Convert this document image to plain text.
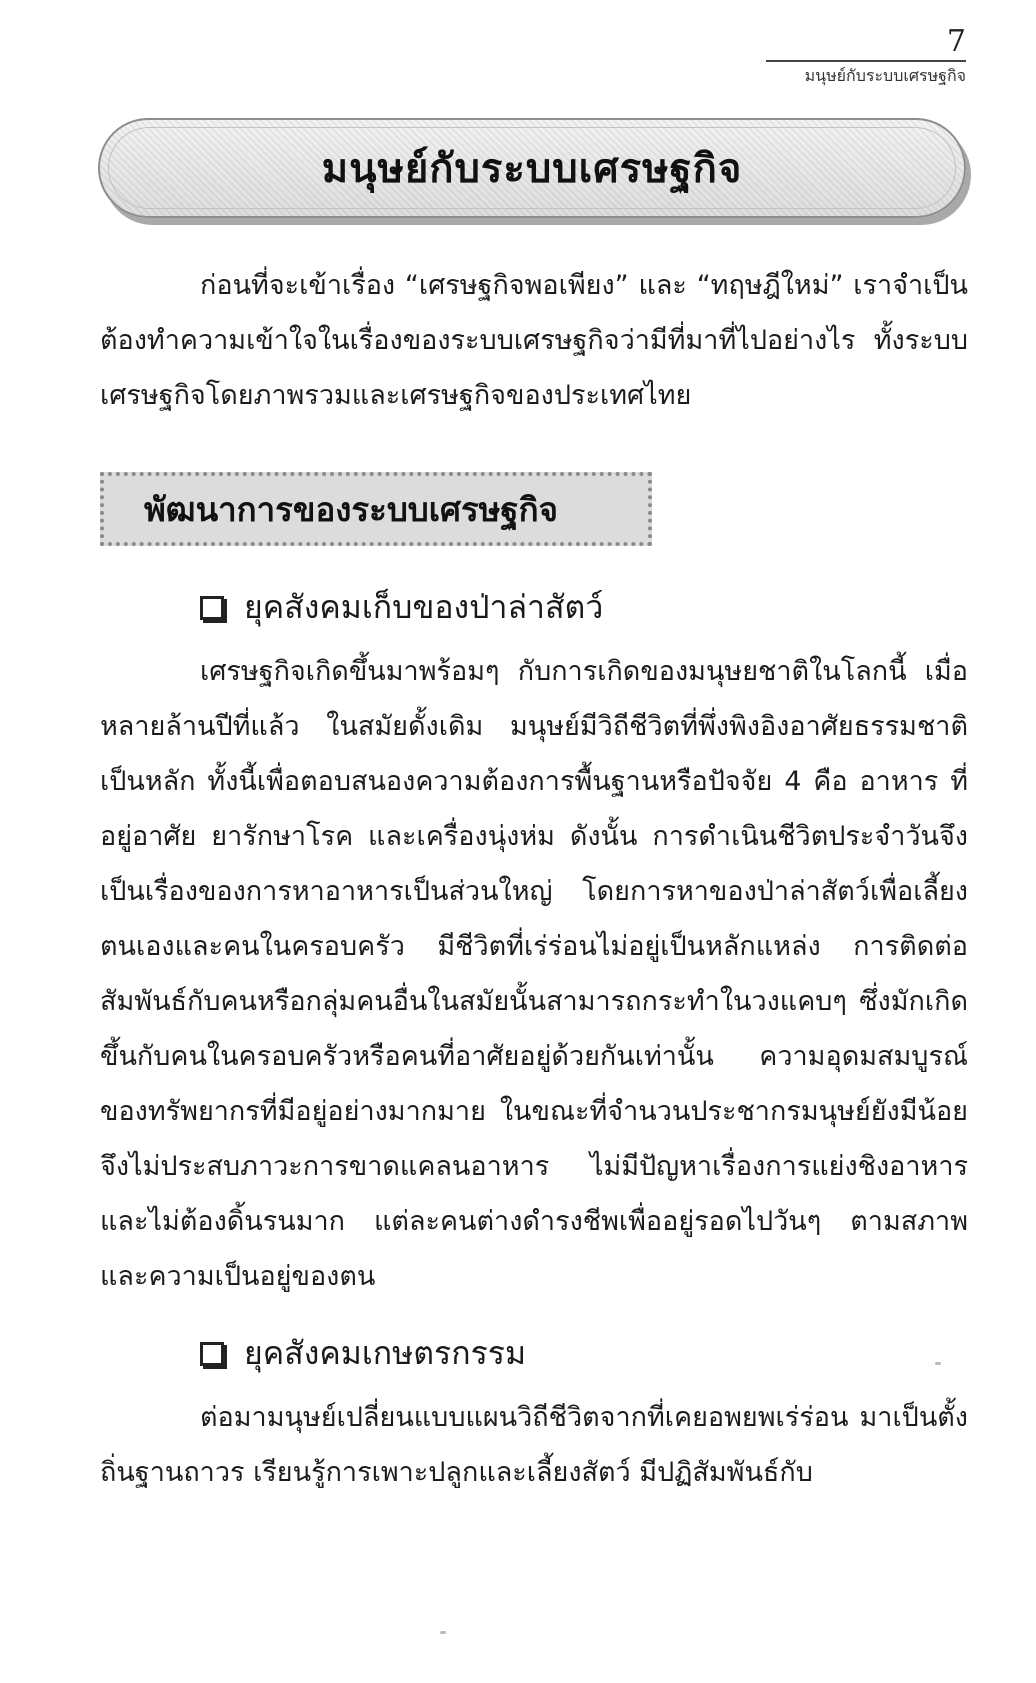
7
มนุษย์กับระบบเศรษฐกิจ
มนุษย์กับระบบเศรษฐกิจ

ก่อนที่จะเข้าเรื่อง “เศรษฐกิจพอเพียง” และ “ทฤษฎีใหม่” เราจำเป็นต้องทำความเข้าใจในเรื่องของระบบเศรษฐกิจว่ามีที่มาที่ไปอย่างไร ทั้งระบบเศรษฐกิจโดยภาพรวมและเศรษฐกิจของประเทศไทย

พัฒนาการของระบบเศรษฐกิจ
ยุคสังคมเก็บของป่าล่าสัตว์

เศรษฐกิจเกิดขึ้นมาพร้อมๆ กับการเกิดของมนุษยชาติในโลกนี้ เมื่อหลายล้านปีที่แล้ว ในสมัยดั้งเดิม มนุษย์มีวิถีชีวิตที่พึ่งพิงอิงอาศัยธรรมชาติเป็นหลัก ทั้งนี้เพื่อตอบสนองความต้องการพื้นฐานหรือปัจจัย 4 คือ อาหาร ที่อยู่อาศัย ยารักษาโรค และเครื่องนุ่งห่ม ดังนั้น การดำเนินชีวิตประจำวันจึงเป็นเรื่องของการหาอาหารเป็นส่วนใหญ่ โดยการหาของป่าล่าสัตว์เพื่อเลี้ยงตนเองและคนในครอบครัว มีชีวิตที่เร่ร่อนไม่อยู่เป็นหลักแหล่ง การติดต่อสัมพันธ์กับคนหรือกลุ่มคนอื่นในสมัยนั้นสามารถกระทำในวงแคบๆ ซึ่งมักเกิดขึ้นกับคนในครอบครัวหรือคนที่อาศัยอยู่ด้วยกันเท่านั้น ความอุดมสมบูรณ์ของทรัพยากรที่มีอยู่อย่างมากมาย ในขณะที่จำนวนประชากรมนุษย์ยังมีน้อยจึงไม่ประสบภาวะการขาดแคลนอาหาร ไม่มีปัญหาเรื่องการแย่งชิงอาหารและไม่ต้องดิ้นรนมาก แต่ละคนต่างดำรงชีพเพื่ออยู่รอดไปวันๆ ตามสภาพและความเป็นอยู่ของตน

ยุคสังคมเกษตรกรรม

ต่อมามนุษย์เปลี่ยนแบบแผนวิถีชีวิตจากที่เคยอพยพเร่ร่อน มาเป็นตั้งถิ่นฐานถาวร เรียนรู้การเพาะปลูกและเลี้ยงสัตว์ มีปฏิสัมพันธ์กับ
